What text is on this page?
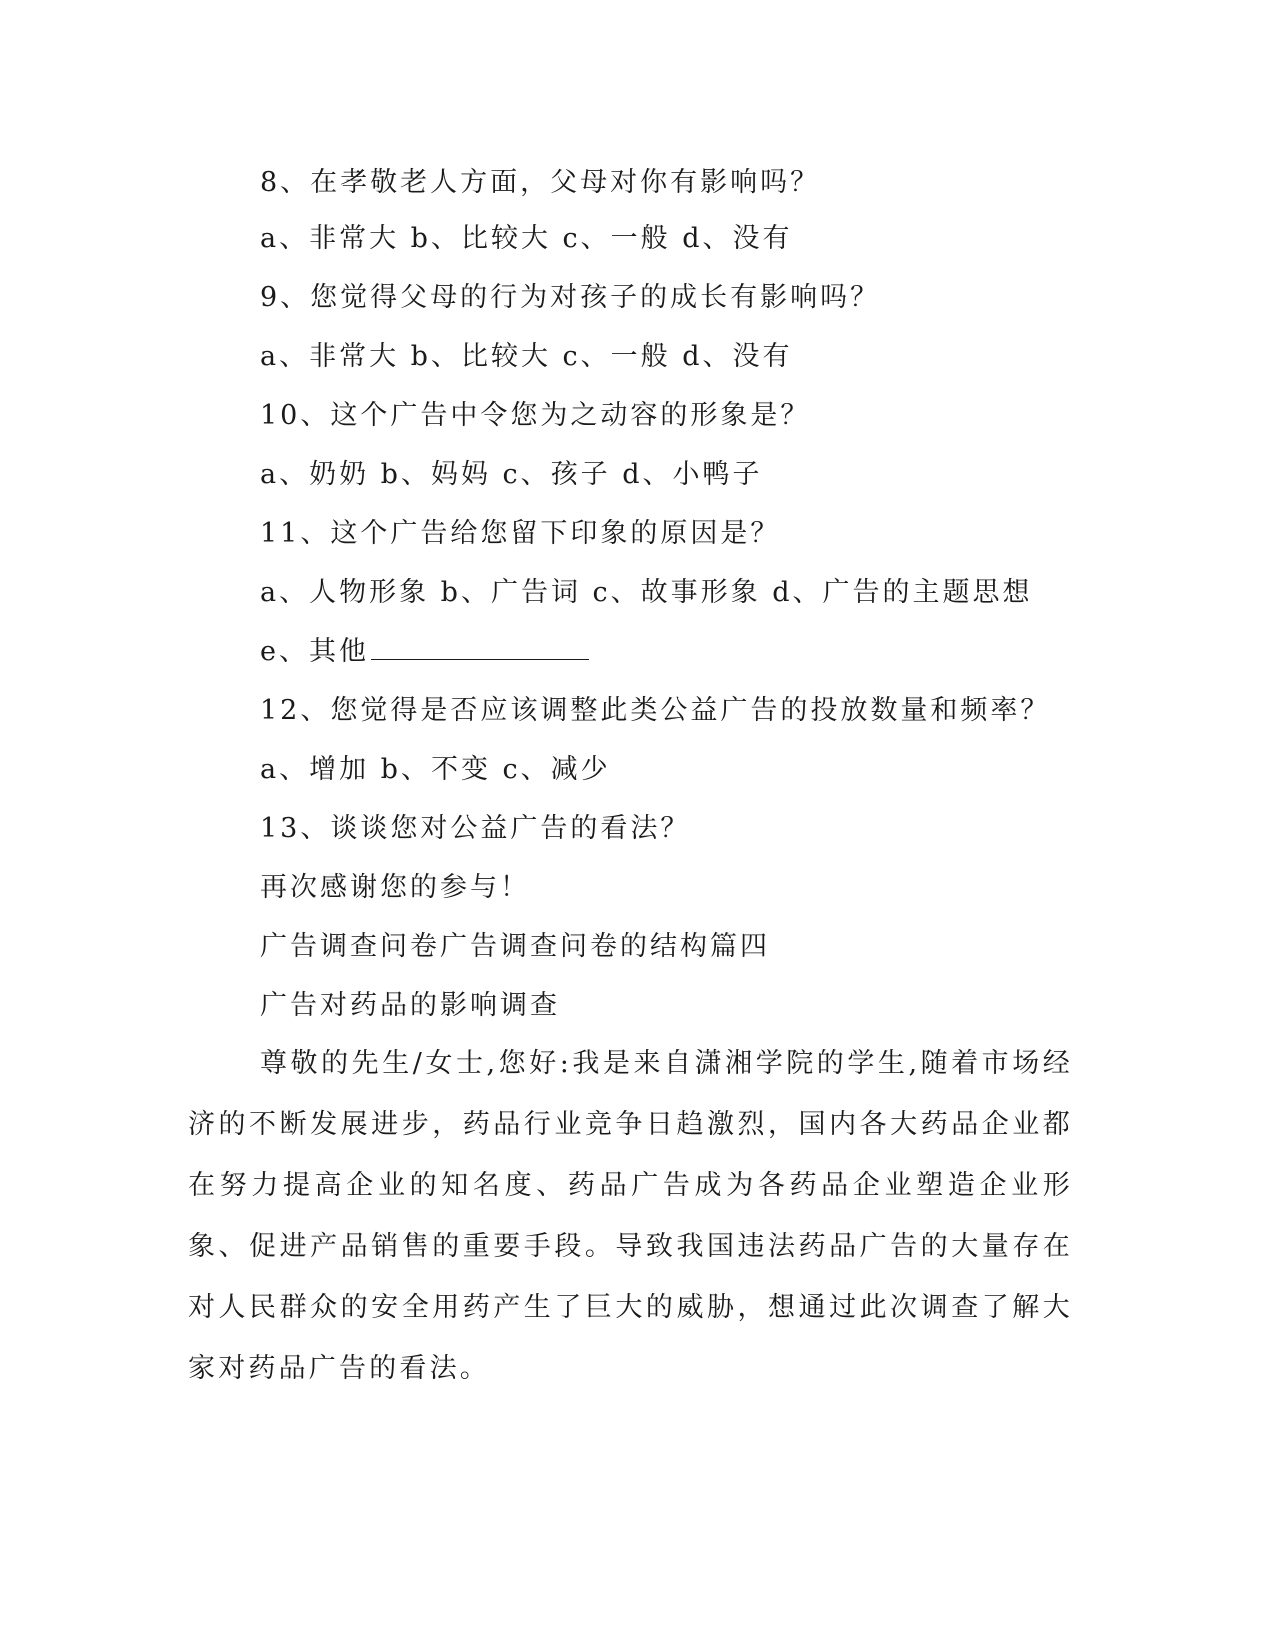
8、在孝敬老人方面，父母对你有影响吗？
a、非常大 b、比较大 c、一般 d、没有
9、您觉得父母的行为对孩子的成长有影响吗？
a、非常大 b、比较大 c、一般 d、没有
10、这个广告中令您为之动容的形象是？
a、奶奶 b、妈妈 c、孩子 d、小鸭子
11、这个广告给您留下印象的原因是？
a、人物形象 b、广告词 c、故事形象 d、广告的主题思想
e、其他
12、您觉得是否应该调整此类公益广告的投放数量和频率？
a、增加 b、不变 c、减少
13、谈谈您对公益广告的看法？
再次感谢您的参与！
广告调查问卷广告调查问卷的结构篇四
广告对药品的影响调查
尊敬的先生/女士,您好:我是来自潇湘学院的学生,随着市场经济的不断发展进步，药品行业竞争日趋激烈，国内各大药品企业都在努力提高企业的知名度、药品广告成为各药品企业塑造企业形象、促进产品销售的重要手段。导致我国违法药品广告的大量存在对人民群众的安全用药产生了巨大的威胁，想通过此次调查了解大家对药品广告的看法。
